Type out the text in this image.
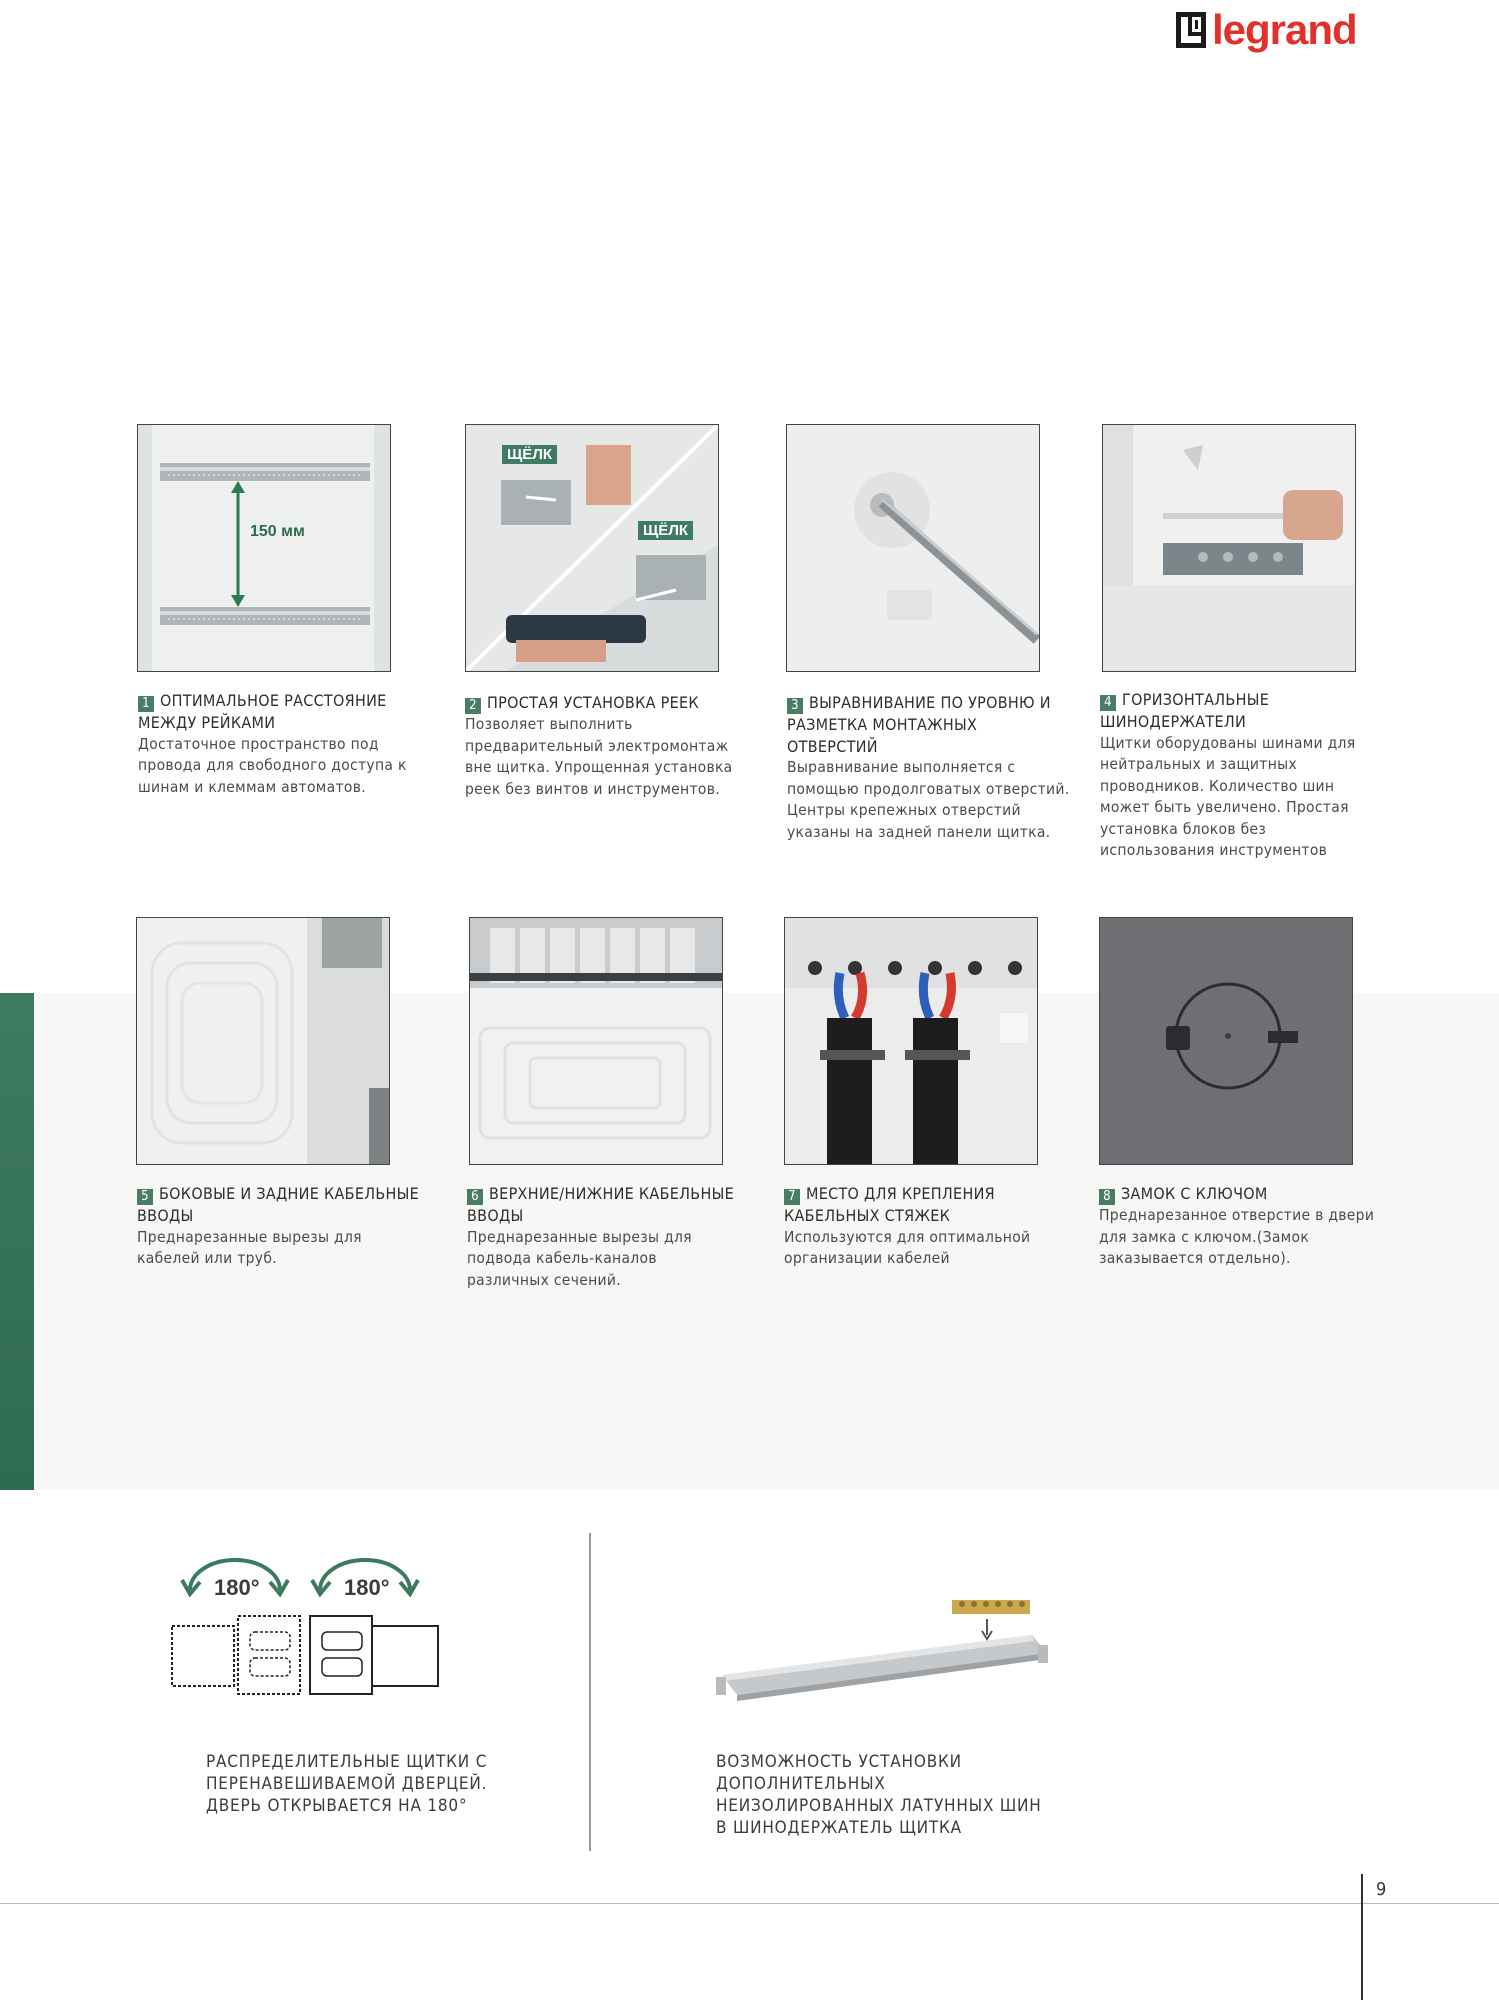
legrand
150 мм
ЩЁЛК
ЩЁЛК
1 ОПТИМАЛЬНОЕ РАССТОЯНИЕ МЕЖДУ РЕЙКАМИ
Достаточное пространство под провода для свободного доступа к шинам и клеммам автоматов.
2 ПРОСТАЯ УСТАНОВКА РЕЕК
Позволяет выполнить предварительный электромонтаж вне щитка. Упрощенная установка реек без винтов и инструментов.
3 ВЫРАВНИВАНИЕ ПО УРОВНЮ И РАЗМЕТКА МОНТАЖНЫХ ОТВЕРСТИЙ
Выравнивание выполняется с помощью продолговатых отверстий. Центры крепежных отверстий указаны на задней панели щитка.
4 ГОРИЗОНТАЛЬНЫЕ ШИНОДЕРЖАТЕЛИ
Щитки оборудованы шинами для нейтральных и защитных проводников. Количество шин может быть увеличено. Простая установка блоков без использования инструментов
5 БОКОВЫЕ И ЗАДНИЕ КАБЕЛЬНЫЕ ВВОДЫ
Преднарезанные вырезы для кабелей или труб.
6 ВЕРХНИЕ/НИЖНИЕ КАБЕЛЬНЫЕ ВВОДЫ
Преднарезанные вырезы для подвода кабель-каналов различных сечений.
7 МЕСТО ДЛЯ КРЕПЛЕНИЯ КАБЕЛЬНЫХ СТЯЖЕК
Используются для оптимальной организации кабелей
8 ЗАМОК С КЛЮЧОМ
Преднарезанное отверстие в двери для замка с ключом.(Замок заказывается отдельно).
180°	180°
РАСПРЕДЕЛИТЕЛЬНЫЕ ЩИТКИ С ПЕРЕНАВЕШИВАЕМОЙ ДВЕРЦЕЙ. ДВЕРЬ ОТКРЫВАЕТСЯ НА 180°
ВОЗМОЖНОСТЬ УСТАНОВКИ ДОПОЛНИТЕЛЬНЫХ НЕИЗОЛИРОВАННЫХ ЛАТУННЫХ ШИН В ШИНОДЕРЖАТЕЛЬ ЩИТКА
9
